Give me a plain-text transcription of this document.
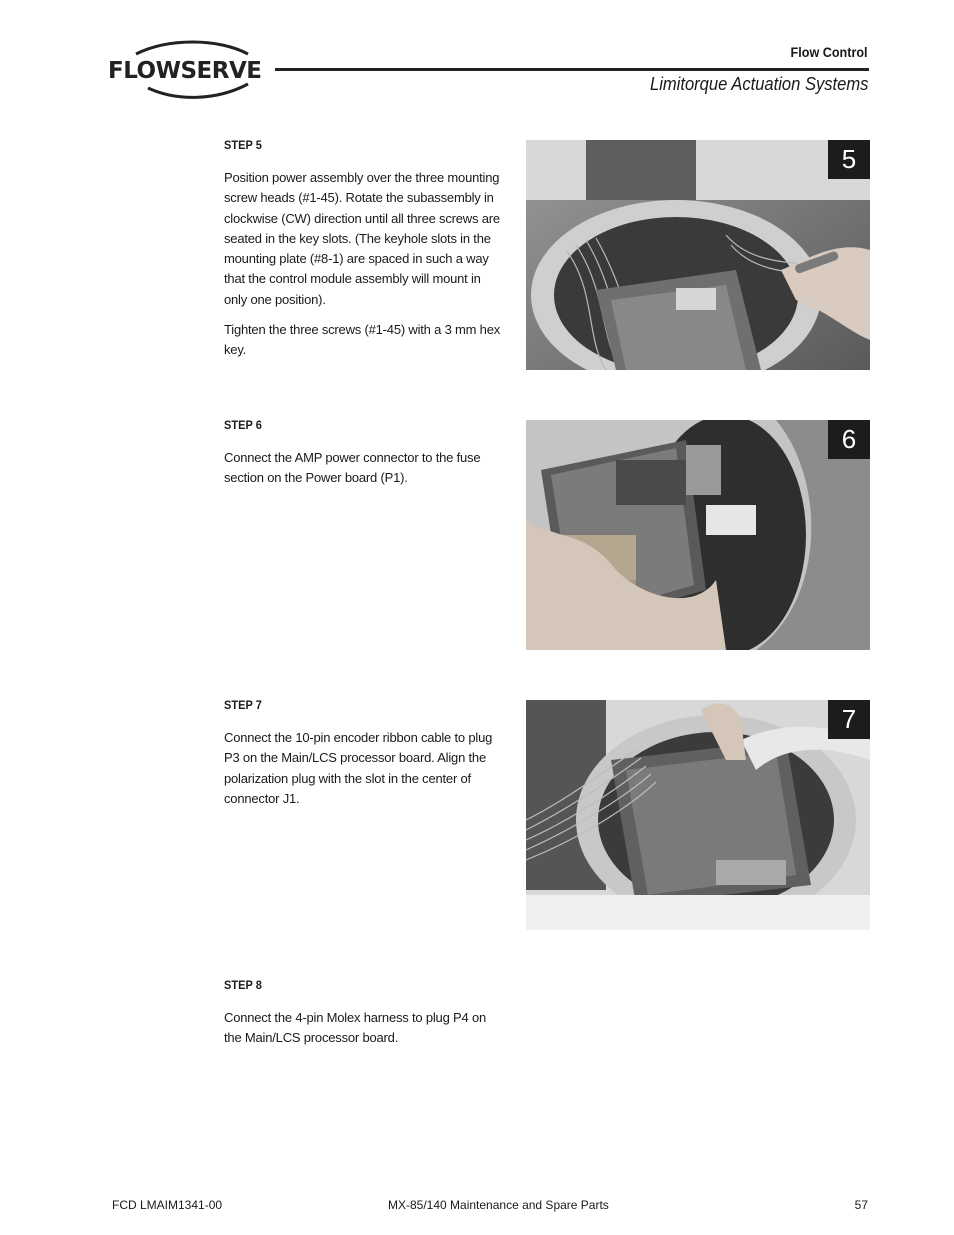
FLOWSERVE
Flow Control
Limitorque Actuation Systems
STEP 5

Position power assembly over the three mounting screw heads (#1-45). Rotate the subassembly in clockwise (CW) direction until all three screws are seated in the key slots. (The keyhole slots in the mounting plate (#8-1) are spaced in such a way that the control module assembly will mount in only one position).

Tighten the three screws (#1-45) with a 3 mm hex key.

STEP 6

Connect the AMP power connector to the fuse section on the Power board (P1).

STEP 7

Connect the 10-pin encoder ribbon cable to plug P3 on the Main/LCS processor board. Align the polarization plug with the slot in the center of connector J1.

STEP 8

Connect the 4-pin Molex harness to plug P4 on the Main/LCS processor board.

5
6
7
FCD LMAIM1341-00	MX-85/140 Maintenance and Spare Parts	57
